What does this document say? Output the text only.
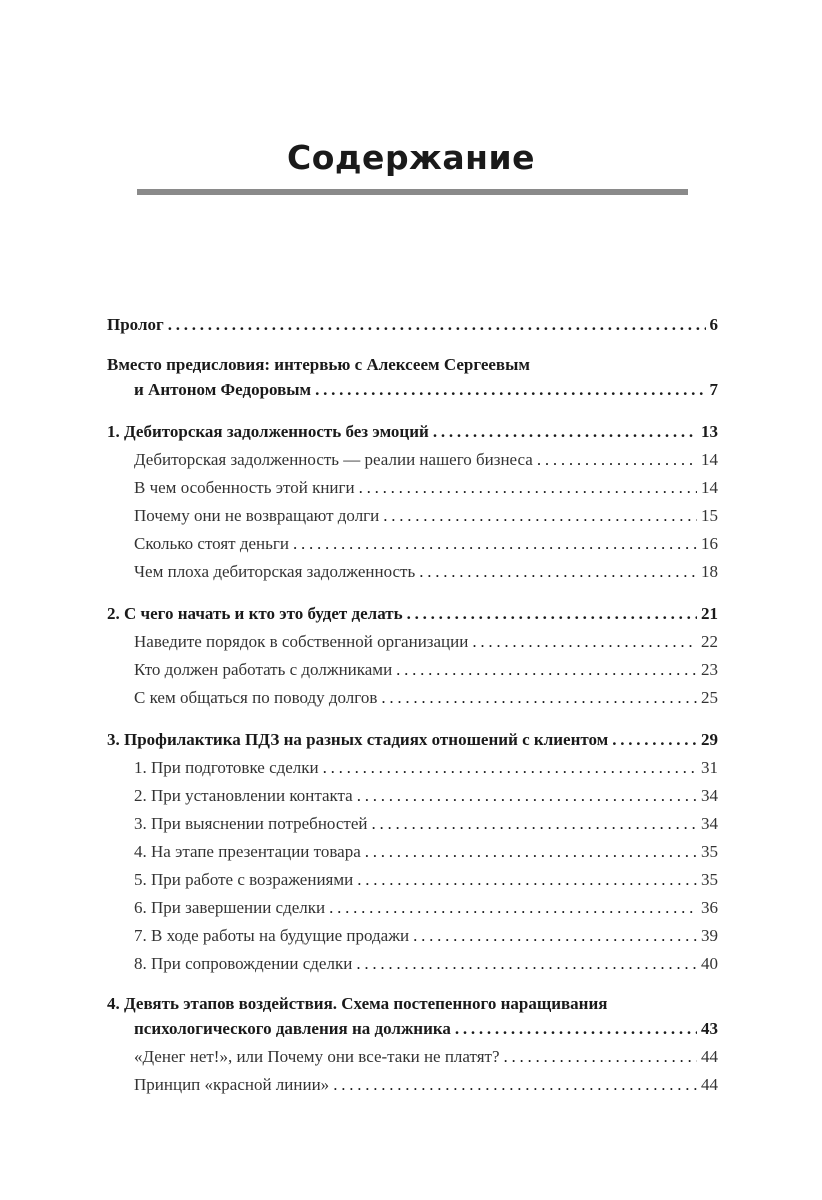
Содержание
Пролог . . .	6
Вместо предисловия: интервью с Алексеем Сергеевым
и Антоном Федоровым . . .	7
1. Дебиторская задолженность без эмоций . . .	13
Дебиторская задолженность — реалии нашего бизнеса . . .	14
В чем особенность этой книги . . .	14
Почему они не возвращают долги . . .	15
Сколько стоят деньги . . .	16
Чем плоха дебиторская задолженность . . .	18
2. С чего начать и кто это будет делать . . .	21
Наведите порядок в собственной организации . . .	22
Кто должен работать с должниками . . .	23
С кем общаться по поводу долгов . . .	25
3. Профилактика ПДЗ на разных стадиях отношений с клиентом . . .	29
1. При подготовке сделки . . .	31
2. При установлении контакта . . .	34
3. При выяснении потребностей . . .	34
4. На этапе презентации товара . . .	35
5. При работе с возражениями . . .	35
6. При завершении сделки . . .	36
7. В ходе работы на будущие продажи . . .	39
8. При сопровождении сделки . . .	40
4. Девять этапов воздействия. Схема постепенного наращивания
психологического давления на должника . . .	43
«Денег нет!», или Почему они все-таки не платят? . . .	44
Принцип «красной линии» . . .	44
